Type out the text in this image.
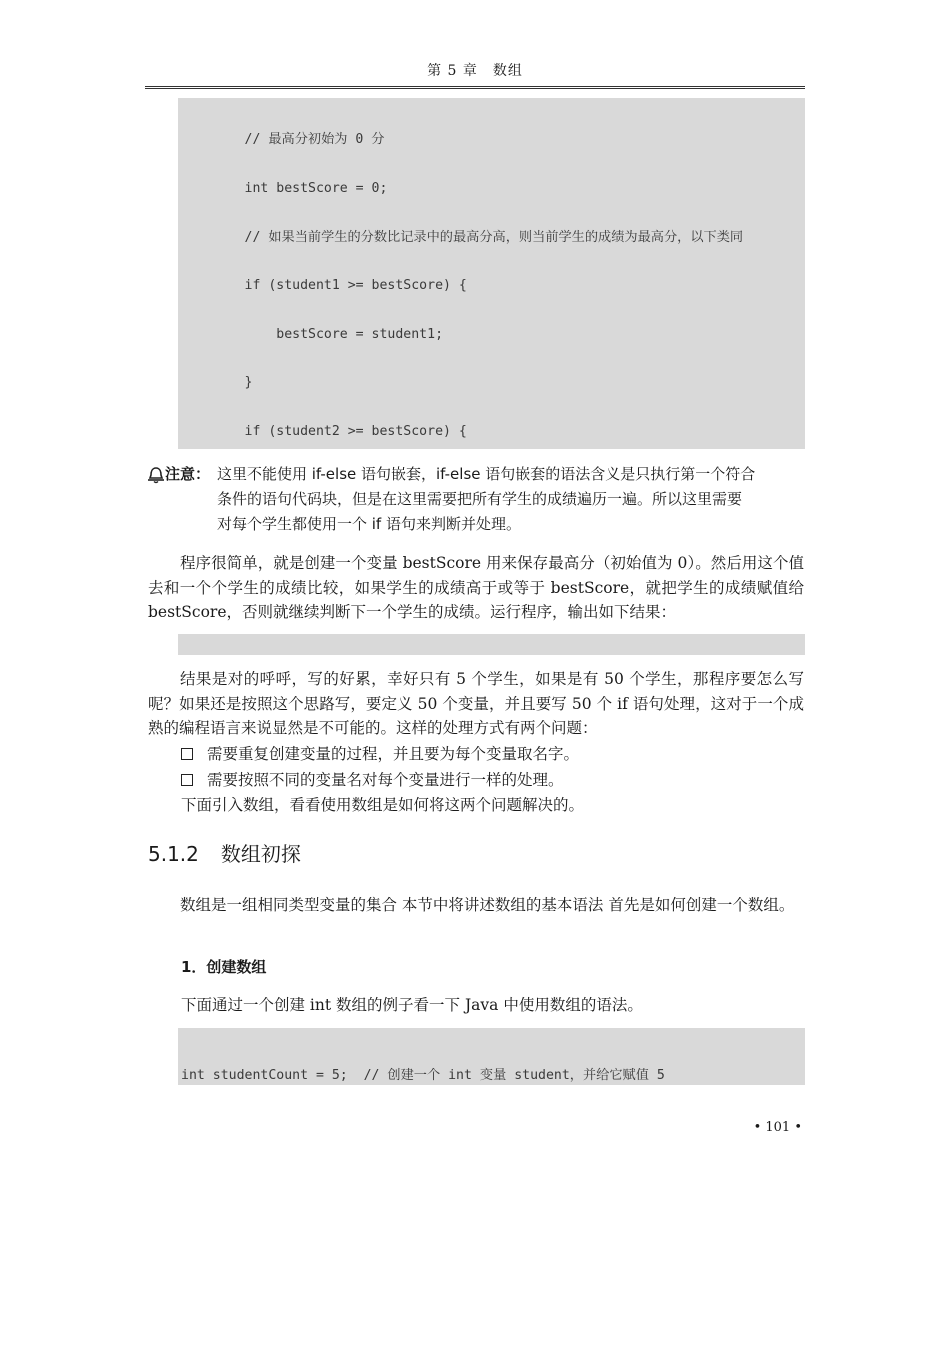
第 5 章　数组

// 最高分初始为 0 分

int bestScore = 0;

// 如果当前学生的分数比记录中的最高分高，则当前学生的成绩为最高分，以下类同

if (student1 >= bestScore) {

bestScore = student1;

}

if (student2 >= bestScore) {

注意： 这里不能使用 if-else 语句嵌套，if-else 语句嵌套的语法含义是只执行第一个符合
条件的语句代码块，但是在这里需要把所有学生的成绩遍历一遍。所以这里需要
对每个学生都使用一个 if 语句来判断并处理。
程序很简单，就是创建一个变量 bestScore 用来保存最高分（初始值为 0）。然后用这个值去和一个个学生的成绩比较，如果学生的成绩高于或等于 bestScore，就把学生的成绩赋值给 bestScore，否则就继续判断下一个学生的成绩。运行程序，输出如下结果：

结果是对的呼呼，写的好累，幸好只有 5 个学生，如果是有 50 个学生，那程序要怎么写呢？如果还是按照这个思路写，要定义 50 个变量，并且要写 50 个 if 语句处理，这对于一个成熟的编程语言来说显然是不可能的。这样的处理方式有两个问题：
需要重复创建变量的过程，并且要为每个变量取名字。
需要按照不同的变量名对每个变量进行一样的处理。
下面引入数组，看看使用数组是如何将这两个问题解决的。
5.1.2 数组初探
数组是一组相同类型变量的集合 本节中将讲述数组的基本语法 首先是如何创建一个数组。
1．创建数组
下面通过一个创建 int 数组的例子看一下 Java 中使用数组的语法。

int studentCount = 5;  // 创建一个 int 变量 student，并给它赋值 5

• 101 •
